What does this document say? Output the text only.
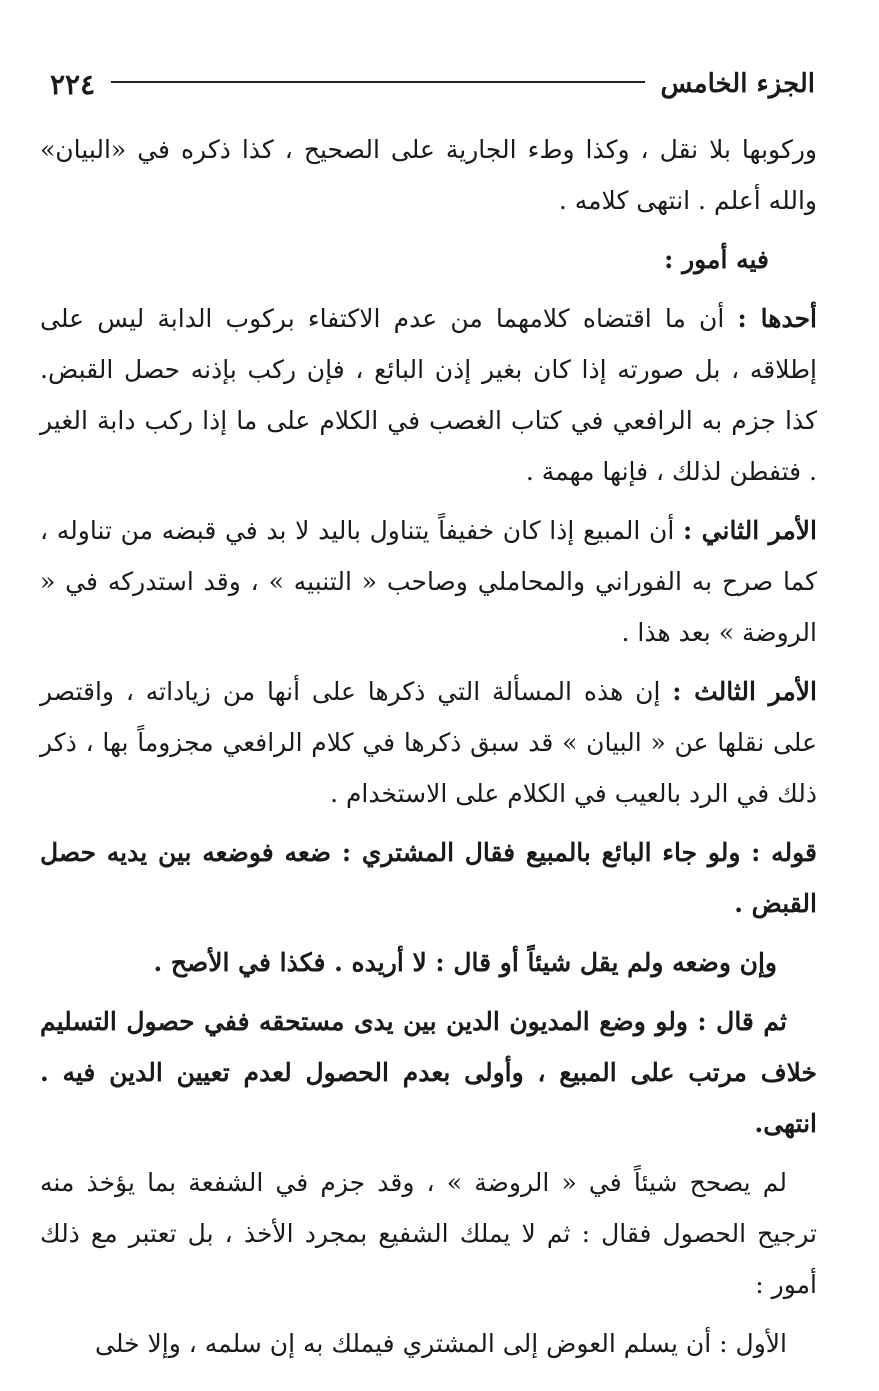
الجزء الخامس
٢٢٤

وركوبها بلا نقل ، وكذا وطء الجارية على الصحيح ، كذا ذكره في «البيان» والله أعلم . انتهى كلامه .

فيه أمور :

أحدها : أن ما اقتضاه كلامهما من عدم الاكتفاء بركوب الدابة ليس على إطلاقه ، بل صورته إذا كان بغير إذن البائع ، فإن ركب بإذنه حصل القبض. كذا جزم به الرافعي في كتاب الغصب في الكلام على ما إذا ركب دابة الغير . فتفطن لذلك ، فإنها مهمة .

الأمر الثاني : أن المبيع إذا كان خفيفاً يتناول باليد لا بد في قبضه من تناوله ، كما صرح به الفوراني والمحاملي وصاحب « التنبيه » ، وقد استدركه في « الروضة » بعد هذا .

الأمر الثالث : إن هذه المسألة التي ذكرها على أنها من زياداته ، واقتصر على نقلها عن « البيان » قد سبق ذكرها في كلام الرافعي مجزوماً بها ، ذكر ذلك في الرد بالعيب في الكلام على الاستخدام .

قوله : ولو جاء البائع بالمبيع فقال المشتري : ضعه فوضعه بين يديه حصل القبض .

وإن وضعه ولم يقل شيئاً أو قال : لا أريده . فكذا في الأصح .

ثم قال : ولو وضع المديون الدين بين يدى مستحقه ففي حصول التسليم خلاف مرتب على المبيع ، وأولى بعدم الحصول لعدم تعيين الدين فيه . انتهى.

لم يصحح شيئاً في « الروضة » ، وقد جزم في الشفعة بما يؤخذ منه ترجيح الحصول فقال : ثم لا يملك الشفيع بمجرد الأخذ ، بل تعتبر مع ذلك أمور :

الأول : أن يسلم العوض إلى المشتري فيملك به إن سلمه ، وإلا خلى
